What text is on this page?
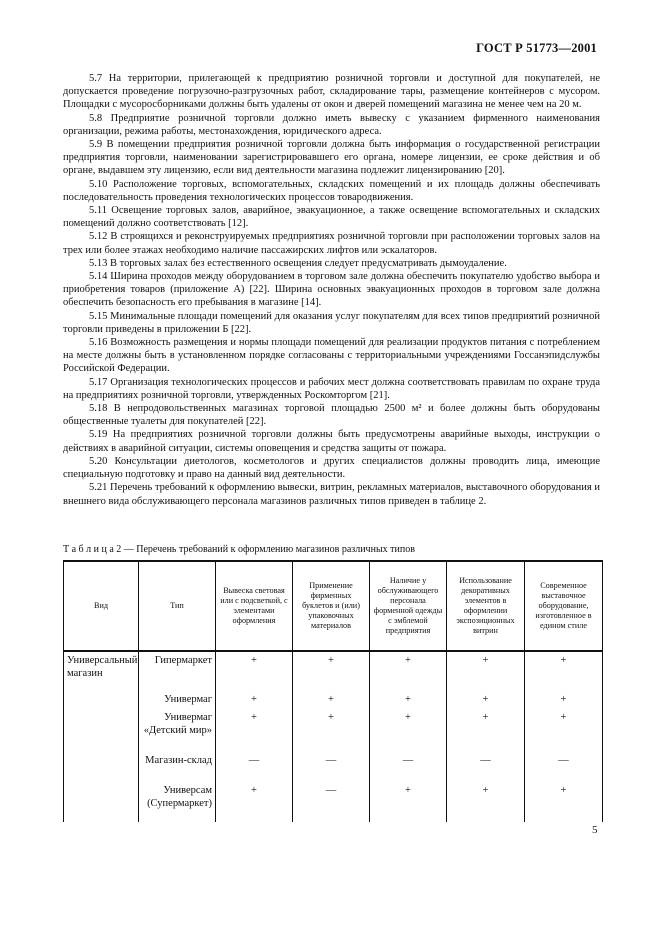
ГОСТ Р 51773—2001

5.7 На территории, прилегающей к предприятию розничной торговли и доступной для покупателей, не допускается проведение погрузочно-разгрузочных работ, складирование тары, размещение контейнеров с мусором. Площадки с мусоросборниками должны быть удалены от окон и дверей помещений магазина не менее чем на 20 м.

5.8 Предприятие розничной торговли должно иметь вывеску с указанием фирменного наименования организации, режима работы, местонахождения, юридического адреса.

5.9 В помещении предприятия розничной торговли должна быть информация о государственной регистрации предприятия торговли, наименовании зарегистрировавшего его органа, номере лицензии, ее сроке действия и об органе, выдавшем эту лицензию, если вид деятельности магазина подлежит лицензированию [20].

5.10 Расположение торговых, вспомогательных, складских помещений и их площадь должны обеспечивать последовательность проведения технологических процессов товародвижения.

5.11 Освещение торговых залов, аварийное, эвакуационное, а также освещение вспомогательных и складских помещений должно соответствовать [12].

5.12 В строящихся и реконструируемых предприятиях розничной торговли при расположении торговых залов на трех или более этажах необходимо наличие пассажирских лифтов или эскалаторов.

5.13 В торговых залах без естественного освещения следует предусматривать дымоудаление.

5.14 Ширина проходов между оборудованием в торговом зале должна обеспечить покупателю удобство выбора и приобретения товаров (приложение А) [22]. Ширина основных эвакуационных проходов в торговом зале должна обеспечить безопасность его пребывания в магазине [14].

5.15 Минимальные площади помещений для оказания услуг покупателям для всех типов предприятий розничной торговли приведены в приложении Б [22].

5.16 Возможность размещения и нормы площади помещений для реализации продуктов питания с потреблением на месте должны быть в установленном порядке согласованы с территориальными учреждениями Госсанэпидслужбы Российской Федерации.

5.17 Организация технологических процессов и рабочих мест должна соответствовать правилам по охране труда на предприятиях розничной торговли, утвержденных Роскомторгом [21].

5.18 В непродовольственных магазинах торговой площадью 2500 м² и более должны быть оборудованы общественные туалеты для покупателей [22].

5.19 На предприятиях розничной торговли должны быть предусмотрены аварийные выходы, инструкции о действиях в аварийной ситуации, системы оповещения и средства защиты от пожара.

5.20 Консультации диетологов, косметологов и других специалистов должны проводить лица, имеющие специальную подготовку и право на данный вид деятельности.

5.21 Перечень требований к оформлению вывески, витрин, рекламных материалов, выставочного оборудования и внешнего вида обслуживающего персонала магазинов различных типов приведен в таблице 2.

Т а б л и ц а 2 — Перечень требований к оформлению магазинов различных типов
Вид	Тип	Вывеска световая или с подсветкой, с элементами оформления	Применение фирменных буклетов и (или) упаковочных материалов	Наличие у обслуживающего персонала форменной одежды с эмблемой предприятия	Использование декоративных элементов в оформлении экспозиционных витрин	Современное выставочное оборудование, изготовленное в едином стиле
Универсальный магазин	Гипермаркет	+	+	+	+	+
	Универмаг	+	+	+	+	+
	Универмаг «Детский мир»	+	+	+	+	+
	Магазин-склад	—	—	—	—	—
	Универсам (Супермаркет)	+	—	+	+	+
5
